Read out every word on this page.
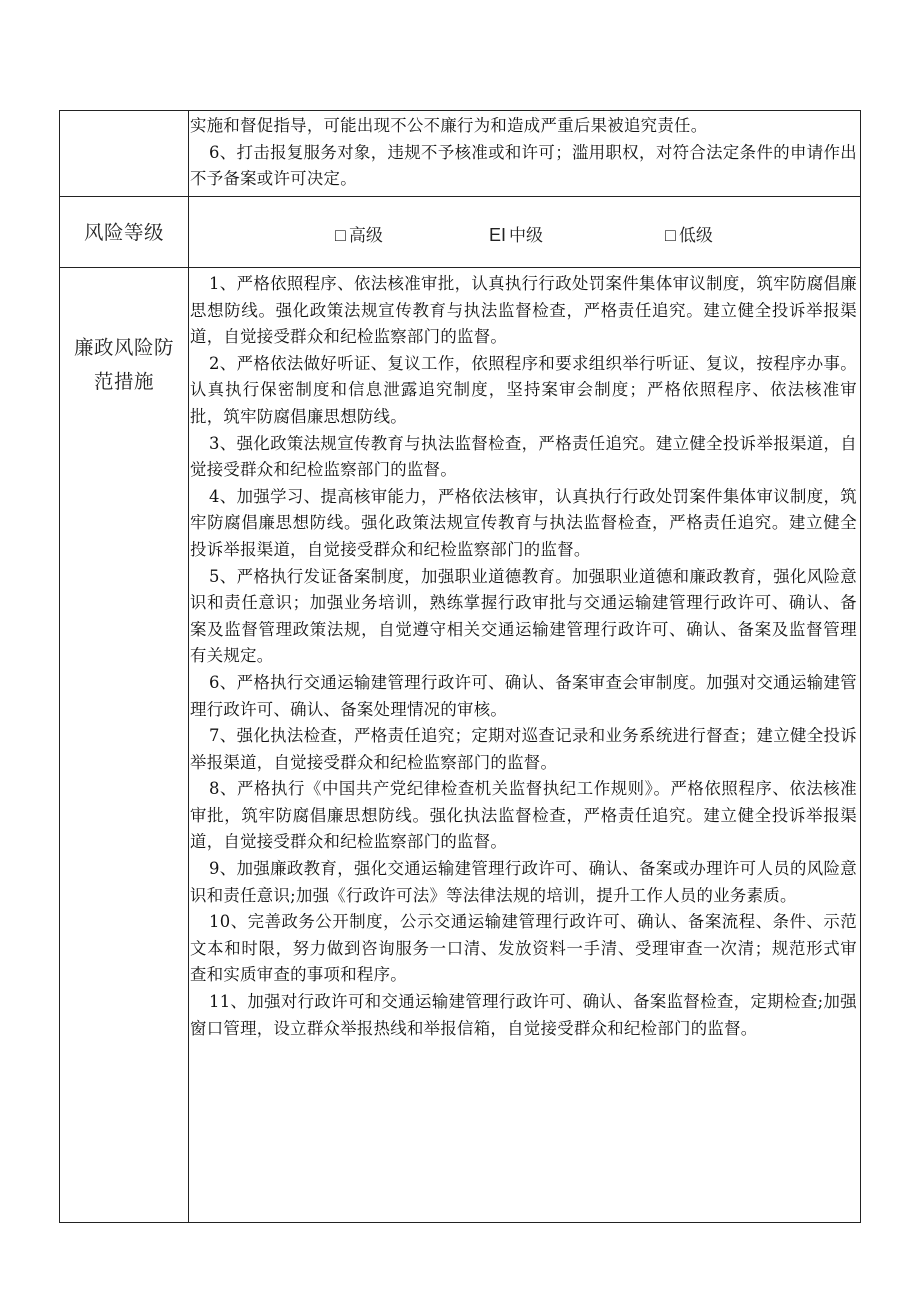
实施和督促指导，可能出现不公不廉行为和造成严重后果被追究责任。

6、打击报复服务对象，违规不予核准或和许可；滥用职权，对符合法定条件的申请作出不予备案或许可决定。

风险等级	□ 高级	EI 中级	□ 低级
廉政风险防范措施

1、严格依照程序、依法核准审批，认真执行行政处罚案件集体审议制度，筑牢防腐倡廉思想防线。强化政策法规宣传教育与执法监督检查，严格责任追究。建立健全投诉举报渠道，自觉接受群众和纪检监察部门的监督。

2、严格依法做好听证、复议工作，依照程序和要求组织举行听证、复议，按程序办事。认真执行保密制度和信息泄露追究制度，坚持案审会制度；严格依照程序、依法核准审批，筑牢防腐倡廉思想防线。

3、强化政策法规宣传教育与执法监督检查，严格责任追究。建立健全投诉举报渠道，自觉接受群众和纪检监察部门的监督。

4、加强学习、提高核审能力，严格依法核审，认真执行行政处罚案件集体审议制度，筑牢防腐倡廉思想防线。强化政策法规宣传教育与执法监督检查，严格责任追究。建立健全投诉举报渠道，自觉接受群众和纪检监察部门的监督。

5、严格执行发证备案制度，加强职业道德教育。加强职业道德和廉政教育，强化风险意识和责任意识；加强业务培训，熟练掌握行政审批与交通运输建管理行政许可、确认、备案及监督管理政策法规，自觉遵守相关交通运输建管理行政许可、确认、备案及监督管理有关规定。

6、严格执行交通运输建管理行政许可、确认、备案审查会审制度。加强对交通运输建管理行政许可、确认、备案处理情况的审核。

7、强化执法检查，严格责任追究；定期对巡查记录和业务系统进行督查；建立健全投诉举报渠道，自觉接受群众和纪检监察部门的监督。

8、严格执行《中国共产党纪律检查机关监督执纪工作规则》。严格依照程序、依法核准审批，筑牢防腐倡廉思想防线。强化执法监督检查，严格责任追究。建立健全投诉举报渠道，自觉接受群众和纪检监察部门的监督。

9、加强廉政教育，强化交通运输建管理行政许可、确认、备案或办理许可人员的风险意识和责任意识;加强《行政许可法》等法律法规的培训，提升工作人员的业务素质。

10、完善政务公开制度，公示交通运输建管理行政许可、确认、备案流程、条件、示范文本和时限，努力做到咨询服务一口清、发放资料一手清、受理审查一次清；规范形式审查和实质审查的事项和程序。

11、加强对行政许可和交通运输建管理行政许可、确认、备案监督检查，定期检查;加强窗口管理，设立群众举报热线和举报信箱，自觉接受群众和纪检部门的监督。
